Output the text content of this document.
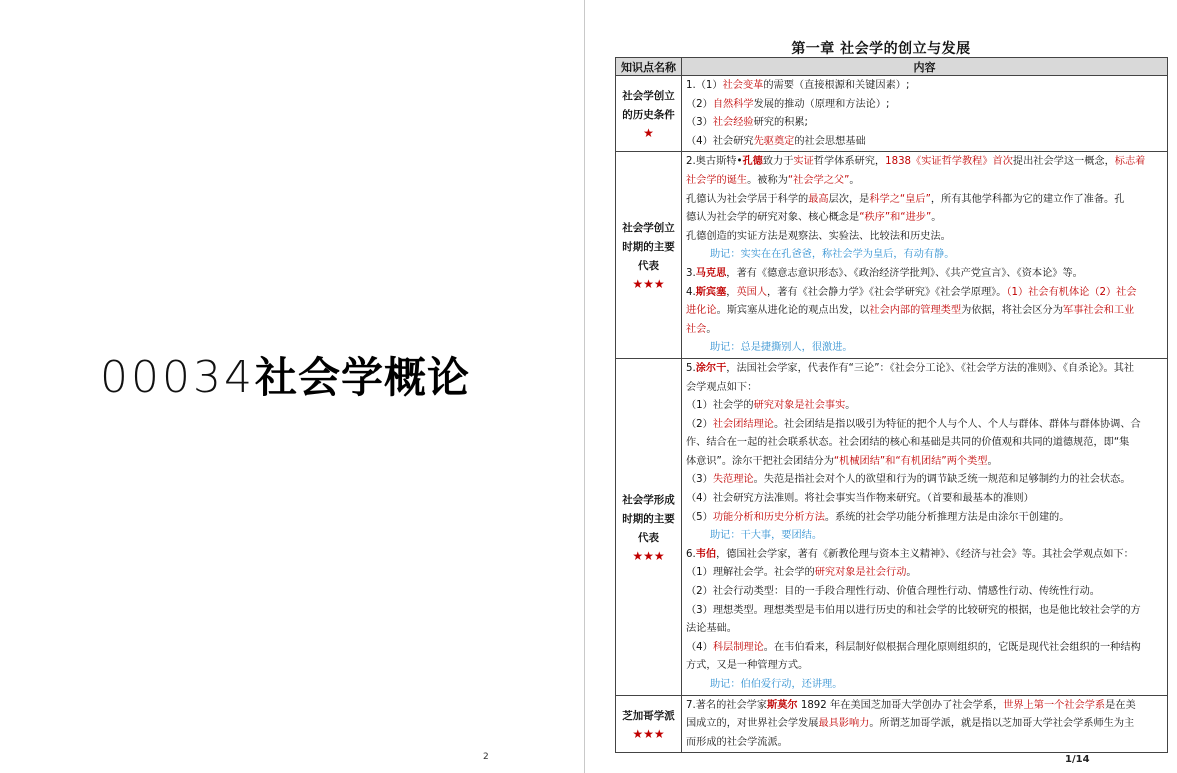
00034社会学概论
2
第一章 社会学的创立与发展
知识点名称	内容
社会学创立
的历史条件
★
1.（1）社会变革的需要（直接根源和关键因素）;
（2）自然科学发展的推动（原理和方法论）;
（3）社会经验研究的积累;
（4）社会研究先驱奠定的社会思想基础
社会学创立
时期的主要
代表
★★★
2.奥古斯特•孔德致力于实证哲学体系研究，1838《实证哲学教程》首次提出社会学这一概念，标志着
社会学的诞生。被称为“社会学之父”。
孔德认为社会学居于科学的最高层次，是科学之“皇后”，所有其他学科都为它的建立作了准备。孔
德认为社会学的研究对象、核心概念是“秩序”和“进步”。
孔德创造的实证方法是观察法、实验法、比较法和历史法。
助记：实实在在孔爸爸，称社会学为皇后，有动有静。
3.马克思，著有《德意志意识形态》、《政治经济学批判》、《共产党宣言》、《资本论》等。
4.斯宾塞，英国人，著有《社会静力学》《社会学研究》《社会学原理》。（1）社会有机体论（2）社会
进化论。斯宾塞从进化论的观点出发，以社会内部的管理类型为依据，将社会区分为军事社会和工业
社会。
助记：总是捷撕别人，很激进。
社会学形成
时期的主要
代表
★★★
5.涂尔干，法国社会学家，代表作有“三论”：《社会分工论》、《社会学方法的准则》、《自杀论》。其社
会学观点如下：
（1）社会学的研究对象是社会事实。
（2）社会团结理论。社会团结是指以吸引为特征的把个人与个人、个人与群体、群体与群体协调、合
作、结合在一起的社会联系状态。社会团结的核心和基础是共同的价值观和共同的道德规范，即“集
体意识”。涂尔干把社会团结分为“机械团结”和“有机团结”两个类型。
（3）失范理论。失范是指社会对个人的欲望和行为的调节缺乏统一规范和足够制约力的社会状态。
（4）社会研究方法准则。将社会事实当作物来研究。（首要和最基本的准则）
（5）功能分析和历史分析方法。系统的社会学功能分析推理方法是由涂尔干创建的。
助记：干大事，要团结。
6.韦伯，德国社会学家，著有《新教伦理与资本主义精神》、《经济与社会》等。其社会学观点如下：
（1）理解社会学。社会学的研究对象是社会行动。
（2）社会行动类型：目的一手段合理性行动、价值合理性行动、情感性行动、传统性行动。
（3）理想类型。理想类型是韦伯用以进行历史的和社会学的比较研究的根据，也是他比较社会学的方
法论基础。
（4）科层制理论。在韦伯看来，科层制好似根据合理化原则组织的，它既是现代社会组织的一种结构
方式，又是一种管理方式。
助记：伯伯爱行动，还讲理。
芝加哥学派
★★★
7.著名的社会学家斯莫尔 1892 年在美国芝加哥大学创办了社会学系，世界上第一个社会学系是在美
国成立的，对世界社会学发展最具影响力。所谓芝加哥学派，就是指以芝加哥大学社会学系师生为主
而形成的社会学流派。
1/14
